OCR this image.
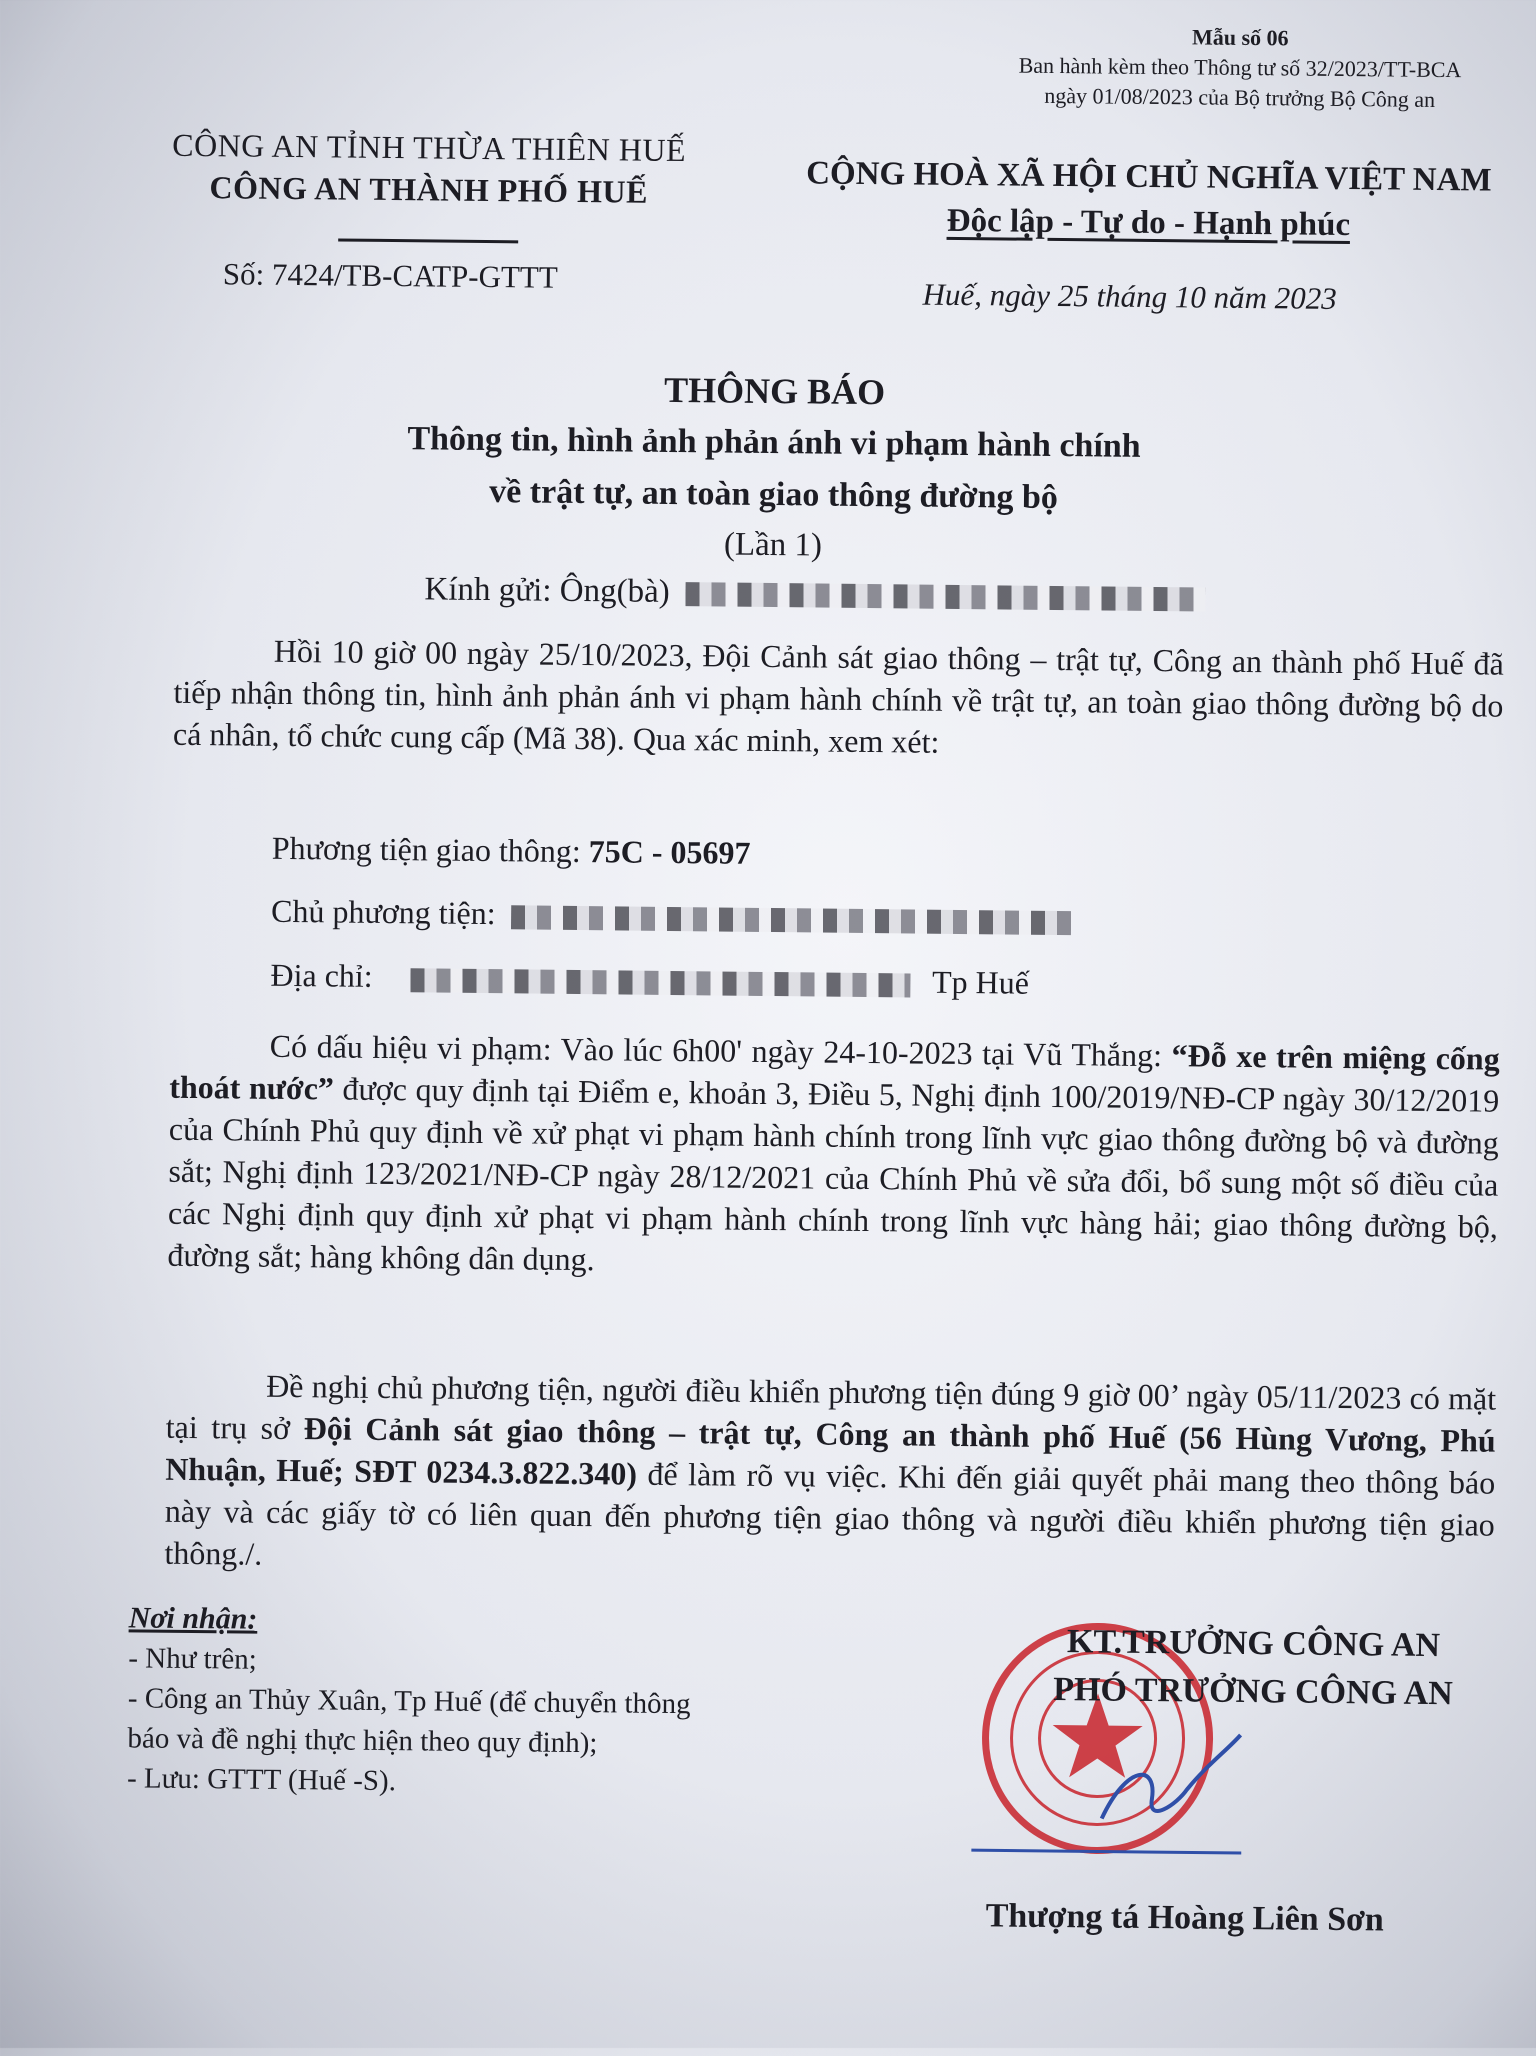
Mẫu số 06
Ban hành kèm theo Thông tư số 32/2023/TT-BCA
ngày 01/08/2023 của Bộ trưởng Bộ Công an
CÔNG AN TỈNH THỪA THIÊN HUẾ
CÔNG AN THÀNH PHỐ HUẾ	CỘNG HOÀ XÃ HỘI CHỦ NGHĨA VIỆT NAM
Độc lập - Tự do - Hạnh phúc
Số: 7424/TB-CATP-GTTT
Huế, ngày 25 tháng 10 năm 2023
THÔNG BÁO
Thông tin, hình ảnh phản ánh vi phạm hành chính
về trật tự, an toàn giao thông đường bộ
(Lần 1)
Kính gửi: Ông(bà)
Hồi 10 giờ 00 ngày 25/10/2023, Đội Cảnh sát giao thông – trật tự, Công an thành phố Huế đã tiếp nhận thông tin, hình ảnh phản ánh vi phạm hành chính về trật tự, an toàn giao thông đường bộ do cá nhân, tổ chức cung cấp (Mã 38). Qua xác minh, xem xét:
Phương tiện giao thông: 75C - 05697
Chủ phương tiện:
Địa chỉ:	Tp Huế
Có dấu hiệu vi phạm: Vào lúc 6h00' ngày 24-10-2023 tại Vũ Thắng: “Đỗ xe trên miệng cống thoát nước” được quy định tại Điểm e, khoản 3, Điều 5, Nghị định 100/2019/NĐ-CP ngày 30/12/2019 của Chính Phủ quy định về xử phạt vi phạm hành chính trong lĩnh vực giao thông đường bộ và đường sắt; Nghị định 123/2021/NĐ-CP ngày 28/12/2021 của Chính Phủ về sửa đổi, bổ sung một số điều của các Nghị định quy định xử phạt vi phạm hành chính trong lĩnh vực hàng hải; giao thông đường bộ, đường sắt; hàng không dân dụng.
Đề nghị chủ phương tiện, người điều khiển phương tiện đúng 9 giờ 00’ ngày 05/11/2023 có mặt tại trụ sở Đội Cảnh sát giao thông – trật tự, Công an thành phố Huế (56 Hùng Vương, Phú Nhuận, Huế; SĐT 0234.3.822.340) để làm rõ vụ việc. Khi đến giải quyết phải mang theo thông báo này và các giấy tờ có liên quan đến phương tiện giao thông và người điều khiển phương tiện giao thông./.
Nơi nhận:
- Như trên;
- Công an Thủy Xuân, Tp Huế (để chuyển thông
báo và đề nghị thực hiện theo quy định);
- Lưu: GTTT (Huế -S).
KT.TRƯỞNG CÔNG AN
PHÓ TRƯỞNG CÔNG AN
Thượng tá Hoàng Liên Sơn
